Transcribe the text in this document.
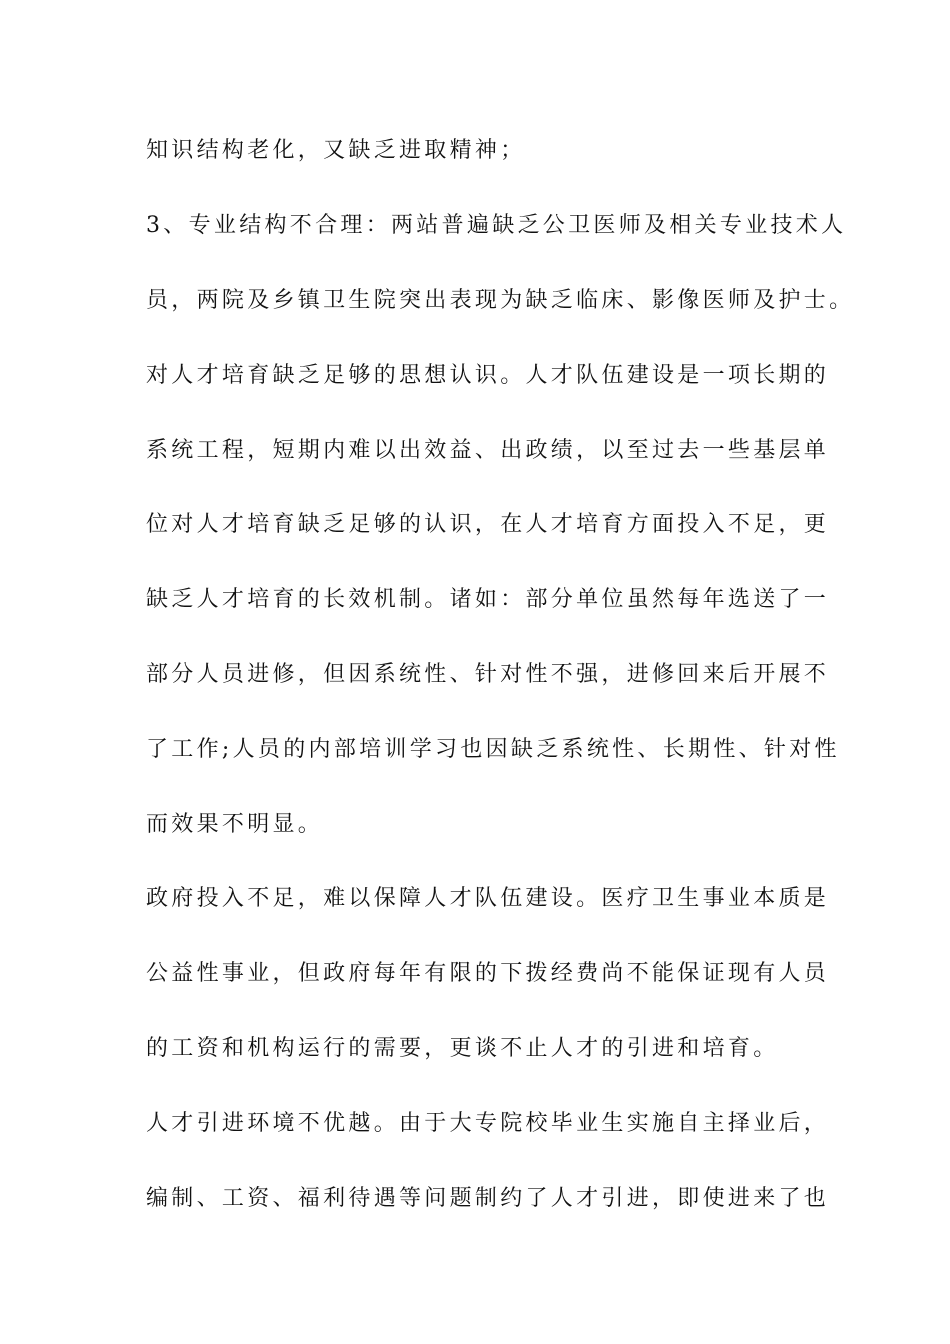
知识结构老化，又缺乏进取精神；
3、专业结构不合理：两站普遍缺乏公卫医师及相关专业技术人
员，两院及乡镇卫生院突出表现为缺乏临床、影像医师及护士。
对人才培育缺乏足够的思想认识。人才队伍建设是一项长期的
系统工程，短期内难以出效益、出政绩，以至过去一些基层单
位对人才培育缺乏足够的认识，在人才培育方面投入不足，更
缺乏人才培育的长效机制。诸如：部分单位虽然每年选送了一
部分人员进修，但因系统性、针对性不强，进修回来后开展不
了工作;人员的内部培训学习也因缺乏系统性、长期性、针对性
而效果不明显。
政府投入不足，难以保障人才队伍建设。医疗卫生事业本质是
公益性事业，但政府每年有限的下拨经费尚不能保证现有人员
的工资和机构运行的需要，更谈不止人才的引进和培育。
人才引进环境不优越。由于大专院校毕业生实施自主择业后，
编制、工资、福利待遇等问题制约了人才引进，即使进来了也
